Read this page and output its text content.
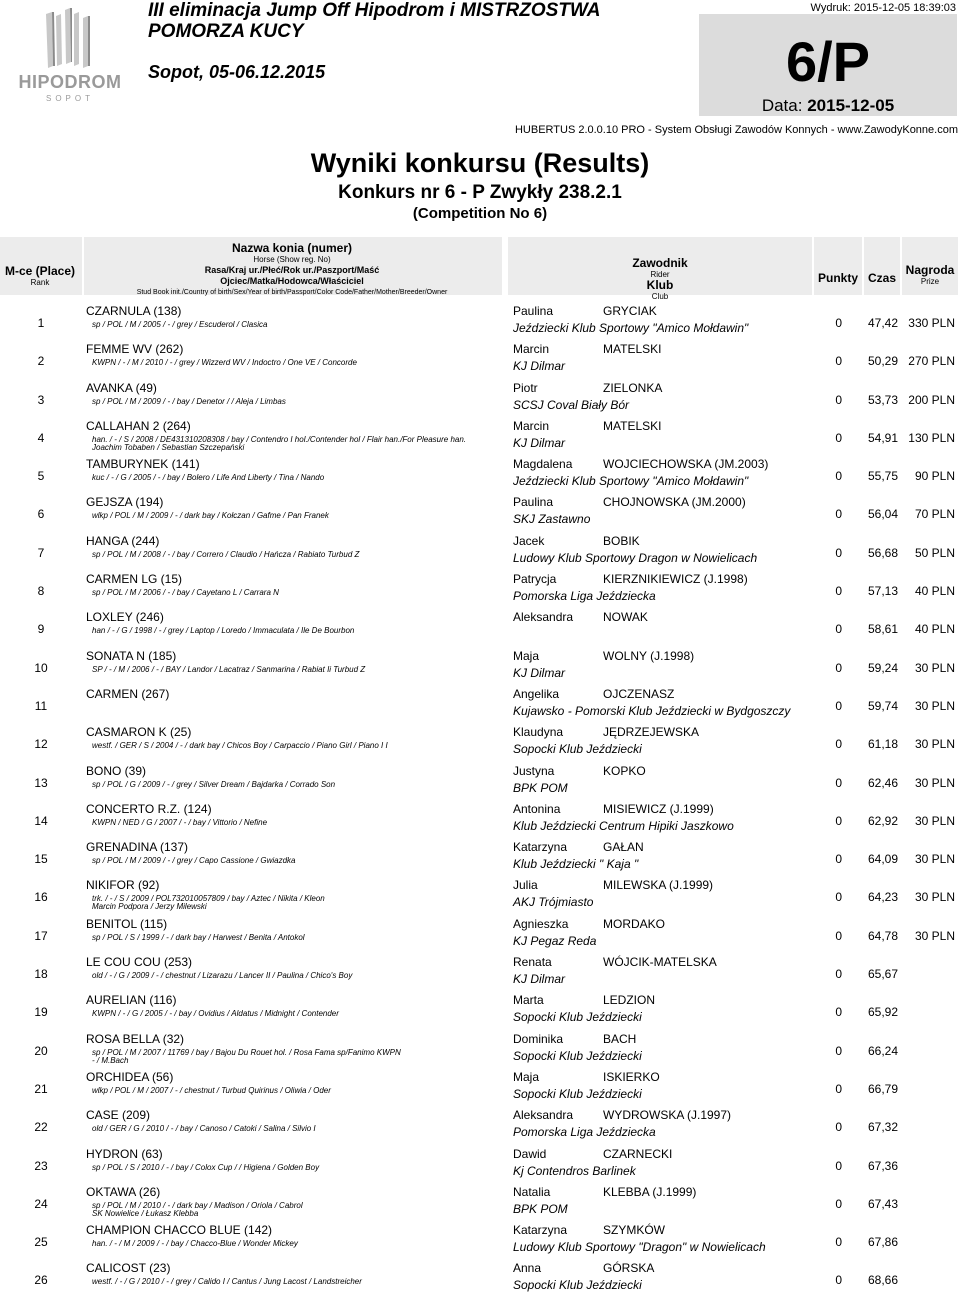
HIPODROM
SOPOT
III eliminacja Jump Off Hipodrom i MISTRZOSTWA POMORZA KUCY
Sopot, 05-06.12.2015
Wydruk: 2015-12-05 18:39:03
6/P
Data: 2015-12-05
HUBERTUS 2.0.0.10 PRO - System Obsługi Zawodów Konnych - www.ZawodyKonne.com
Wyniki konkursu (Results)
Konkurs nr 6 - P Zwykły 238.2.1
(Competition No 6)
M-ce (Place)
Rank
Nazwa konia (numer)
Horse (Show reg. No)
Rasa/Kraj ur./Płeć/Rok ur./Paszport/Maść
Ojciec/Matka/Hodowca/Właściciel
Stud Book init./Country of birth/Sex/Year of birth/Passport/Color Code/Father/Mother/Breeder/Owner
Zawodnik
Rider
Klub
Club
Punkty Czas
Nagroda
Prize
1
CZARNULA (138)
sp / POL / M / 2005 / - / grey / Escuderol / Clasica
Paulina	GRYCIAK
Jeździecki Klub Sportowy "Amico Mołdawin"	0	47,42 330 PLN
2
FEMME WV (262)
KWPN / - / M / 2010 / - / grey / Wizzerd WV / Indoctro / One VE / Concorde
Marcin	MATELSKI
KJ Dilmar	0	50,29 270 PLN
3
AVANKA (49)
sp / POL / M / 2009 / - / bay / Denetor / / Aleja / Limbas
Piotr	ZIELONKA
SCSJ Coval Biały Bór	0	53,73 200 PLN
4
CALLAHAN 2 (264)
han. / - / S / 2008 / DE431310208308 / bay / Contendro I hol./Contender hol / Flair han./For Pleasure han.
Joachim Tobaben / Sebastian Szczepański
Marcin	MATELSKI
KJ Dilmar	0	54,91 130 PLN
5
TAMBURYNEK (141)
kuc / - / G / 2005 / - / bay / Bolero / Life And Liberty / Tina / Nando
Magdalena	WOJCIECHOWSKA (JM.2003)
Jeździecki Klub Sportowy "Amico Mołdawin"	0	55,75	90 PLN
6
GEJSZA (194)
wlkp / POL / M / 2009 / - / dark bay / Kołczan / Gafme / Pan Franek
Paulina	CHOJNOWSKA (JM.2000)
SKJ Zastawno	0	56,04	70 PLN
7
HANGA (244)
sp / POL / M / 2008 / - / bay / Correro / Claudio / Hańcza / Rabiato Turbud Z
Jacek	BOBIK
Ludowy Klub Sportowy Dragon w Nowielicach	0	56,68	50 PLN
8
CARMEN LG (15)
sp / POL / M / 2006 / - / bay / Cayetano L / Carrara N
Patrycja	KIERZNIKIEWICZ (J.1998)
Pomorska Liga Jeździecka	0	57,13	40 PLN
9
LOXLEY (246)
han / - / G / 1998 / - / grey / Laptop / Loredo / Immaculata / Ile De Bourbon
Aleksandra NOWAK
0	58,61	40 PLN
10
SONATA N (185)
SP / - / M / 2006 / - / BAY / Landor / Lacatraz / Sanmarina / Rabiat Ii Turbud Z
Maja	WOLNY (J.1998)
KJ Dilmar	0	59,24	30 PLN
11
CARMEN (267)	Angelika	OJCZENASZ
Kujawsko - Pomorski Klub Jeździecki w Bydgoszczy	0	59,74	30 PLN
12
CASMARON K (25)
westf. / GER / S / 2004 / - / dark bay / Chicos Boy / Carpaccio / Piano Girl / Piano I I
Klaudyna	JĘDRZEJEWSKA
Sopocki Klub Jeździecki	0	61,18	30 PLN
13
BONO (39)
sp / POL / G / 2009 / - / grey / Silver Dream / Bajdarka / Corrado Son
Justyna	KOPKO
BPK POM	0	62,46	30 PLN
14
CONCERTO R.Z. (124)
KWPN / NED / G / 2007 / - / bay / Vittorio / Nefine
Antonina	MISIEWICZ (J.1999)
Klub Jeździecki Centrum Hipiki Jaszkowo	0	62,92	30 PLN
15
GRENADINA (137)
sp / POL / M / 2009 / - / grey / Capo Cassione / Gwiazdka
Katarzyna	GAŁAN
Klub Jeździecki " Kaja "	0	64,09	30 PLN
16
NIKIFOR (92)
trk. / - / S / 2009 / POL732010057809 / bay / Aztec / Nikita / Kleon
Marcin Podpora / Jerzy Milewski
Julia	MILEWSKA (J.1999)
AKJ Trójmiasto	0	64,23	30 PLN
17
BENITOL (115)
sp / POL / S / 1999 / - / dark bay / Harwest / Benita / Antokol
Agnieszka	MORDAKO
KJ Pegaz Reda	0	64,78	30 PLN
18
LE COU COU (253)
old / - / G / 2009 / - / chestnut / Lizarazu / Lancer II / Paulina / Chico's Boy
Renata	WÓJCIK-MATELSKA
KJ Dilmar	0	65,67
19
AURELIAN (116)
KWPN / - / G / 2005 / - / bay / Ovidius / Aldatus / Midnight / Contender
Marta	LEDZION
Sopocki Klub Jeździecki	0	65,92
20
ROSA BELLA (32)
sp / POL / M / 2007 / 11769 / bay / Bajou Du Rouet hol. / Rosa Fama sp/Fanimo KWPN
- / M.Bach
Dominika	BACH
Sopocki Klub Jeździecki	0	66,24
21
ORCHIDEA (56)
wlkp / POL / M / 2007 / - / chestnut / Turbud Quirinus / Oliwia / Oder
Maja	ISKIERKO
Sopocki Klub Jeździecki	0	66,79
22
CASE (209)
old / GER / G / 2010 / - / bay / Canoso / Catoki / Salina / Silvio I
Aleksandra WYDROWSKA (J.1997)
Pomorska Liga Jeździecka	0	67,32
23
HYDRON (63)
sp / POL / S / 2010 / - / bay / Colox Cup / / Higiena / Golden Boy
Dawid	CZARNECKI
Kj Contendros Barlinek	0	67,36
24
OKTAWA (26)
sp / POL / M / 2010 / - / dark bay / Madison / Oriola / Cabrol
SK Nowielice / Łukasz Klebba
Natalia	KLEBBA (J.1999)
BPK POM	0	67,43
25
CHAMPION CHACCO BLUE (142)
han. / - / M / 2009 / - / bay / Chacco-Blue / Wonder Mickey
Katarzyna	SZYMKÓW
Ludowy Klub Sportowy "Dragon" w Nowielicach	0	67,86
26
CALICOST (23)
westf. / - / G / 2010 / - / grey / Calido I / Cantus / Jung Lacost / Landstreicher
Anna	GÓRSKA
Sopocki Klub Jeździecki	0	68,66
